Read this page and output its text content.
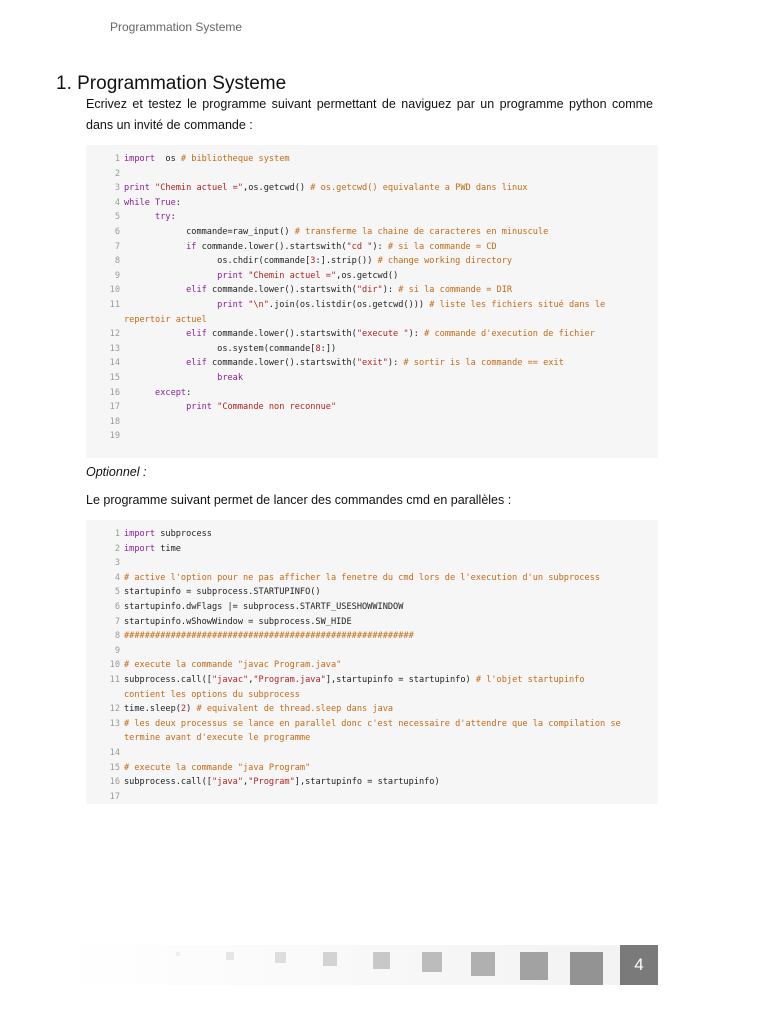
Programmation Systeme
1. Programmation Systeme

Ecrivez et testez le programme suivant permettant de naviguez par un programme python comme dans un invité de commande :

1 import  os # bibliotheque system
2
3 print "Chemin actuel =",os.getcwd() # os.getcwd() equivalante a PWD dans linux
4 while True:
5	try:
6 commande=raw_input() # transferme la chaine de caracteres en minuscule
7	if commande.lower().startswith("cd "): # si la commande = CD
8 os.chdir(commande[3:].strip()) # change working directory
9	print "Chemin actuel =",os.getcwd()
10	elif commande.lower().startswith("dir"): # si la commande = DIR
11	print "\n".join(os.listdir(os.getcwd())) # liste les fichiers situé dans le repertoir actuel
12	elif commande.lower().startswith("execute "): # commande d'execution de fichier
13 os.system(commande[8:])
14	elif commande.lower().startswith("exit"): # sortir is la commande == exit
15	break
16	except:
17	print "Commande non reconnue"
18
19

Optionnel :

Le programme suivant permet de lancer des commandes cmd en parallèles :

1 import subprocess
2 import time
3
4 # active l'option pour ne pas afficher la fenetre du cmd lors de l'execution d'un subprocess
5 startupinfo = subprocess.STARTUPINFO()
6 startupinfo.dwFlags |= subprocess.STARTF_USESHOWWINDOW
7 startupinfo.wShowWindow = subprocess.SW_HIDE
8 ########################################################
9
10 # execute la commande "javac Program.java"
11 subprocess.call(["javac","Program.java"],startupinfo = startupinfo) # l'objet startupinfo contient les options du subprocess
12 time.sleep(2) # equivalent de thread.sleep dans java
13 # les deux processus se lance en parallel donc c'est necessaire d'attendre que la compilation se termine avant d'execute le programme
14
15 # execute la commande "java Program"
16 subprocess.call(["java","Program"],startupinfo = startupinfo)
17
4
